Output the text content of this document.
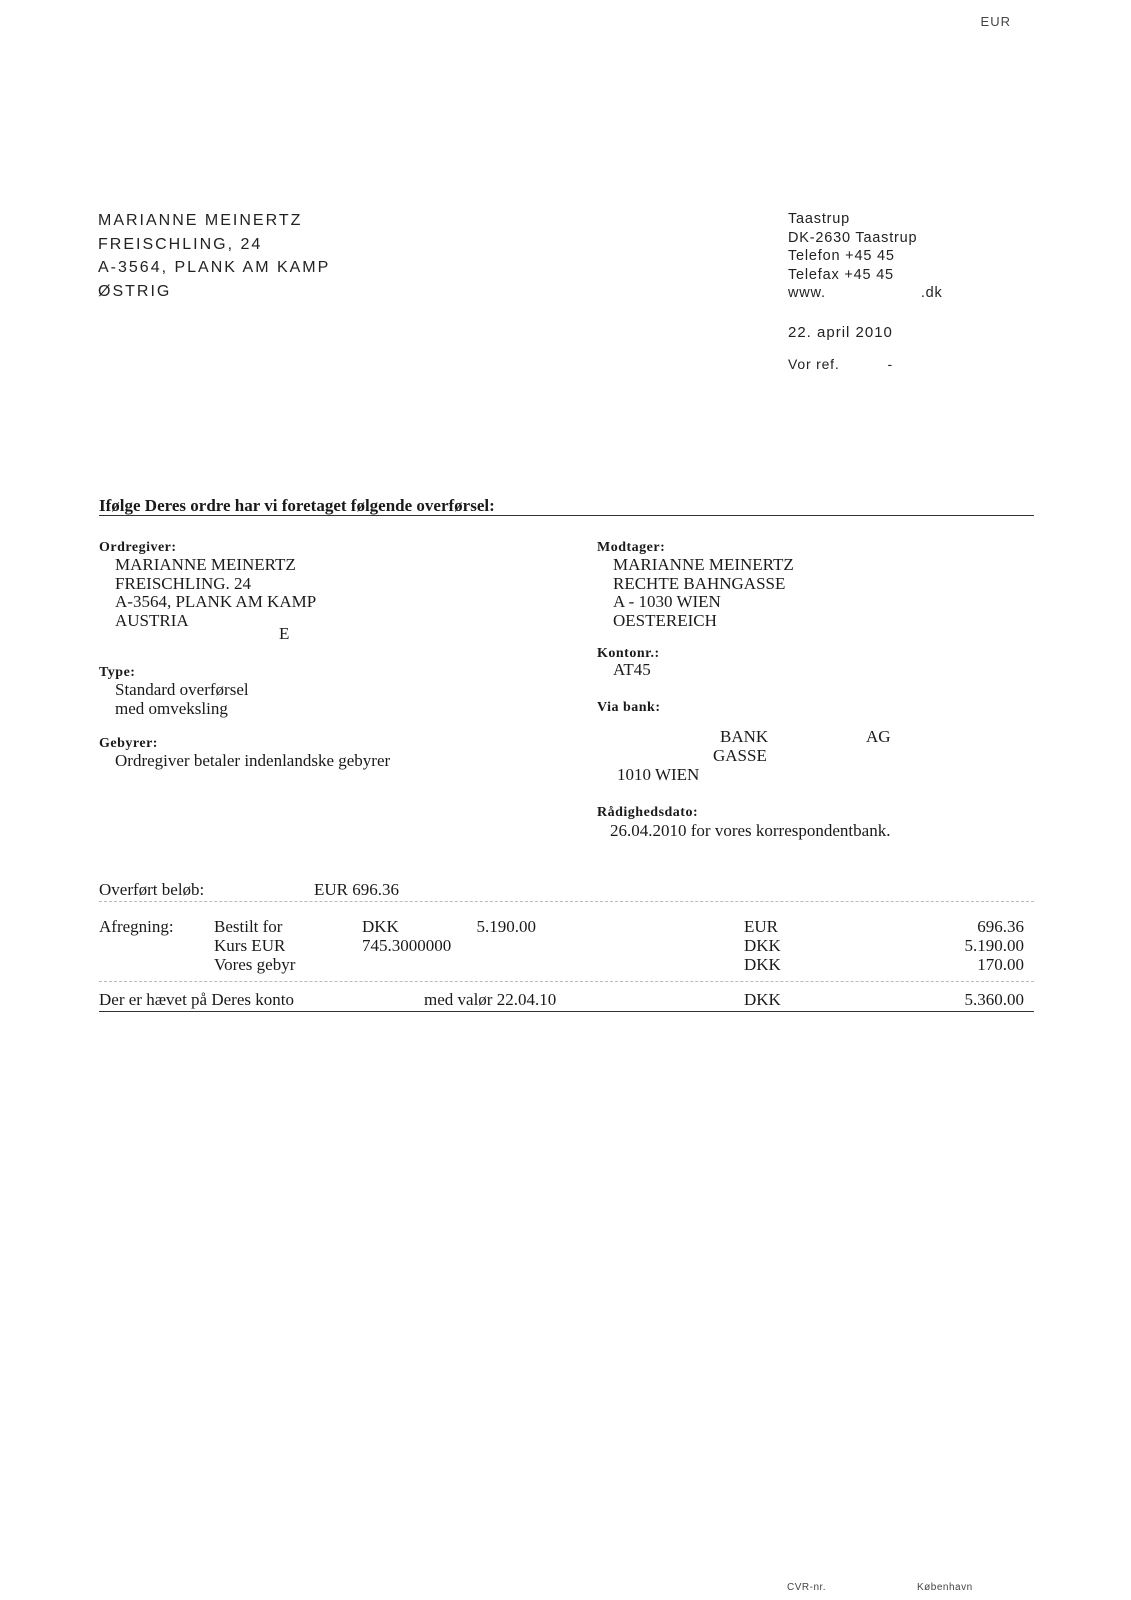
EUR
MARIANNE MEINERTZ
FREISCHLING, 24
A-3564, PLANK AM KAMP
ØSTRIG
Taastrup
DK-2630 Taastrup
Telefon +45 45
Telefax +45 45
www.	.dk
22. april 2010
Vor ref.	-
Ifølge Deres ordre har vi foretaget følgende overførsel:
Ordregiver:
MARIANNE MEINERTZ
FREISCHLING. 24
A-3564, PLANK AM KAMP
AUSTRIA
E
Type:
Standard overførsel
med omveksling
Gebyrer:
Ordregiver betaler indenlandske gebyrer
Modtager:
MARIANNE MEINERTZ
RECHTE BAHNGASSE
A - 1030 WIEN
OESTEREICH
Kontonr.:
AT45
Via bank:
BANK	AG
GASSE
1010 WIEN
Rådighedsdato:
26.04.2010 for vores korrespondentbank.
Overført beløb:	EUR 696.36
Afregning: Bestilt for	DKK	5.190.00	EUR	696.36
Kurs EUR	745.3000000	DKK	5.190.00
Vores gebyr	DKK	170.00
Der er hævet på Deres konto	med valør 22.04.10	DKK	5.360.00
CVR-nr.	København
